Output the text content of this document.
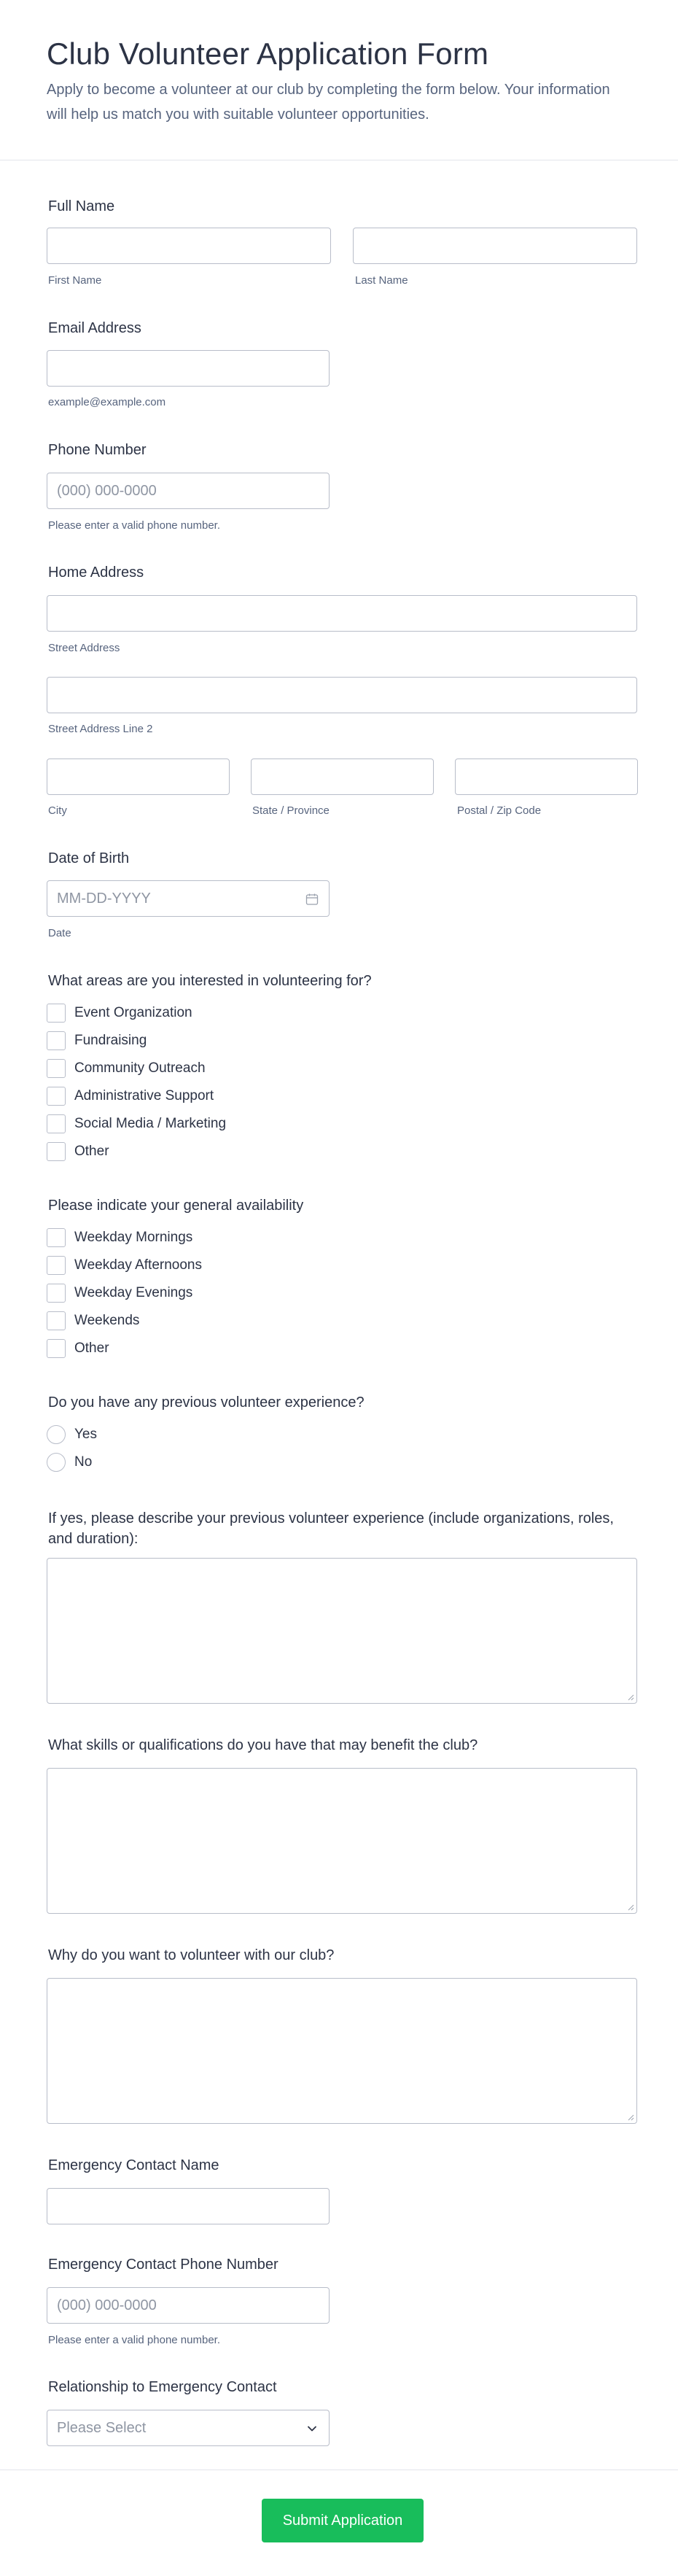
Club Volunteer Application Form
Apply to become a volunteer at our club by completing the form below. Your information will help us match you with suitable volunteer opportunities.
Full Name
First Name	Last Name
Email Address
example@example.com
Phone Number
(000) 000-0000
Please enter a valid phone number.
Home Address
Street Address
Street Address Line 2
City	State / Province	Postal / Zip Code
Date of Birth
MM-DD-YYYY
Date
What areas are you interested in volunteering for?
Event Organization
Fundraising
Community Outreach
Administrative Support
Social Media / Marketing
Other
Please indicate your general availability
Weekday Mornings
Weekday Afternoons
Weekday Evenings
Weekends
Other
Do you have any previous volunteer experience?
Yes
No
If yes, please describe your previous volunteer experience (include organizations, roles, and duration):
What skills or qualifications do you have that may benefit the club?
Why do you want to volunteer with our club?
Emergency Contact Name
Emergency Contact Phone Number
(000) 000-0000
Please enter a valid phone number.
Relationship to Emergency Contact
Please Select
Submit Application
